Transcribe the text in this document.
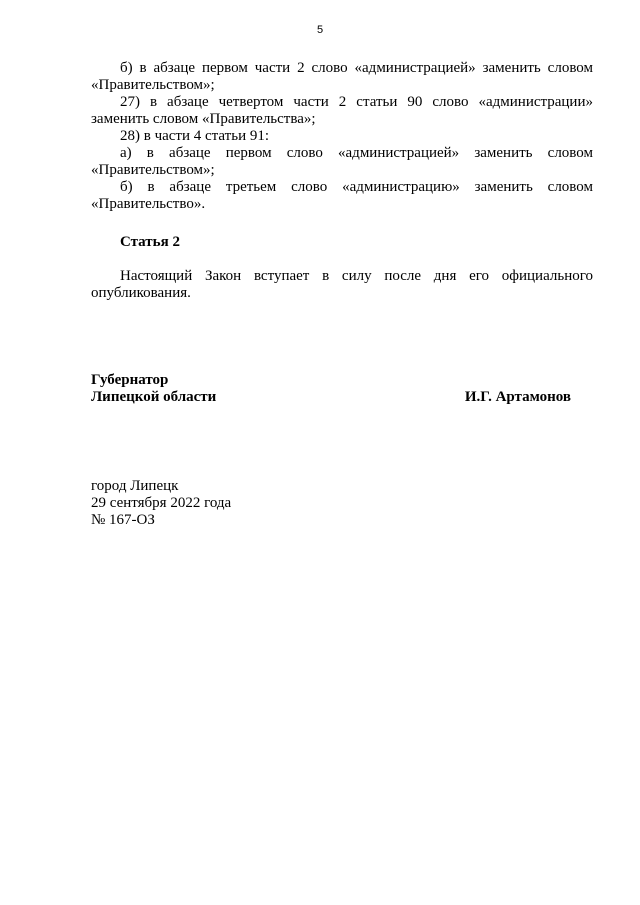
5

б) в абзаце первом части 2 слово «администрацией» заменить словом «Правительством»;

27) в абзаце четвертом части 2 статьи 90 слово «администрации» заменить словом «Правительства»;

28) в части 4 статьи 91:

а) в абзаце первом слово «администрацией» заменить словом «Правительством»;

б) в абзаце третьем слово «администрацию» заменить словом «Правительство».

Статья 2

Настоящий Закон вступает в силу после дня его официального опубликования.

Губернатор
Липецкой области	И.Г. Артамонов
город Липецк
29 сентября 2022 года
№ 167-ОЗ
